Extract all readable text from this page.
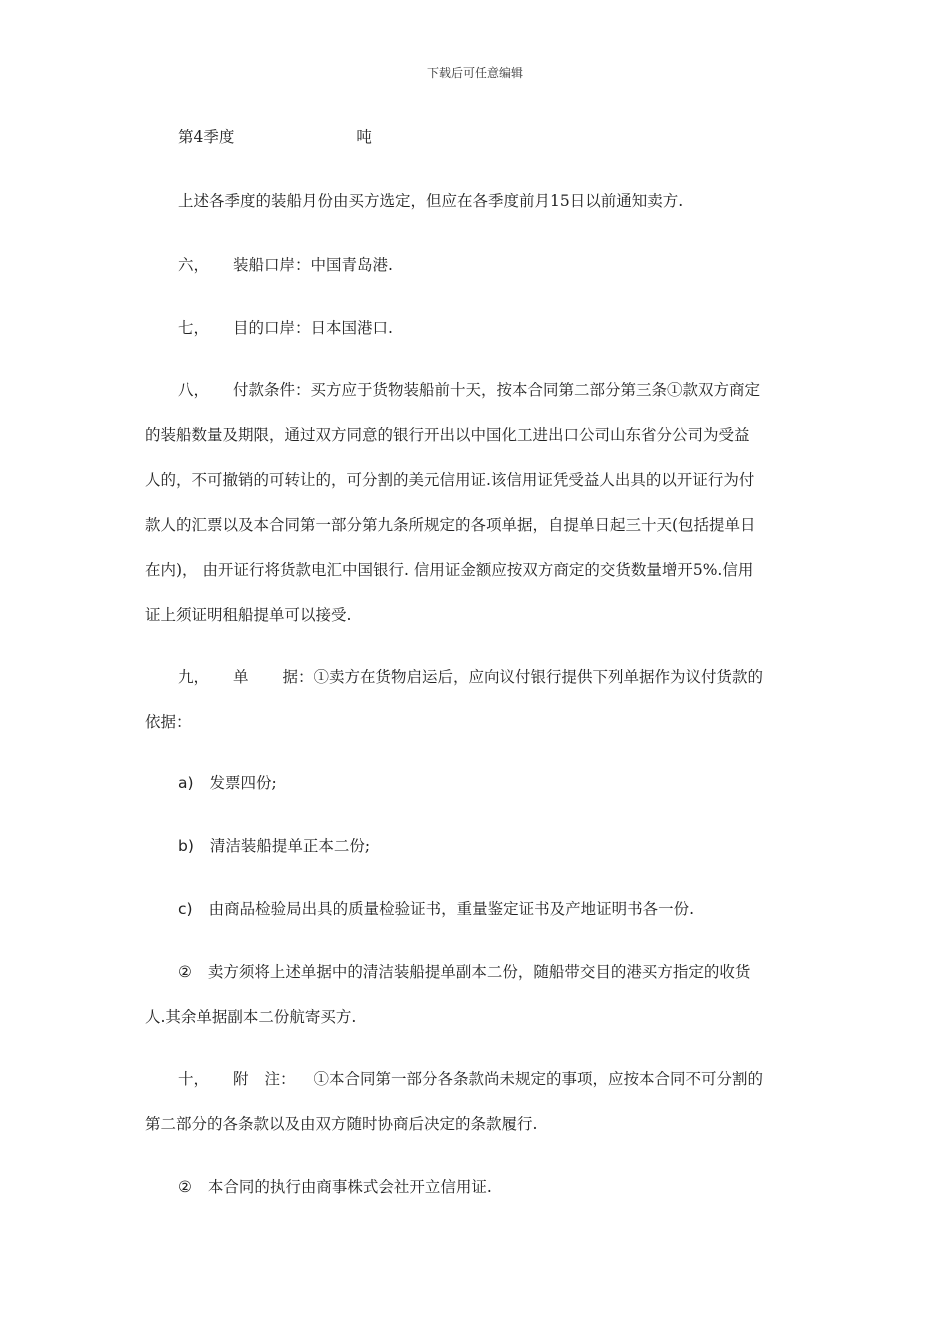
下载后可任意编辑
第4季度	吨
上述各季度的装船月份由买方选定，但应在各季度前月15日以前通知卖方.
六， 装船口岸：中国青岛港.
七， 目的口岸：日本国港口.
八， 付款条件：买方应于货物装船前十天，按本合同第二部分第三条①款双方商定
的装船数量及期限，通过双方同意的银行开出以中国化工进出口公司山东省分公司为受益
人的，不可撤销的可转让的，可分割的美元信用证.该信用证凭受益人出具的以开证行为付
款人的汇票以及本合同第一部分第九条所规定的各项单据，自提单日起三十天(包括提单日
在内)， 由开证行将货款电汇中国银行. 信用证金额应按双方商定的交货数量增开5%.信用
证上须证明租船提单可以接受.
九， 单 据：①卖方在货物启运后，应向议付银行提供下列单据作为议付货款的
依据：
a) 发票四份;
b) 清洁装船提单正本二份;
c) 由商品检验局出具的质量检验证书，重量鉴定证书及产地证明书各一份.
② 卖方须将上述单据中的清洁装船提单副本二份，随船带交目的港买方指定的收货
人.其余单据副本二份航寄买方.
十， 附 注： ①本合同第一部分各条款尚未规定的事项，应按本合同不可分割的
第二部分的各条款以及由双方随时协商后决定的条款履行.
② 本合同的执行由商事株式会社开立信用证.
